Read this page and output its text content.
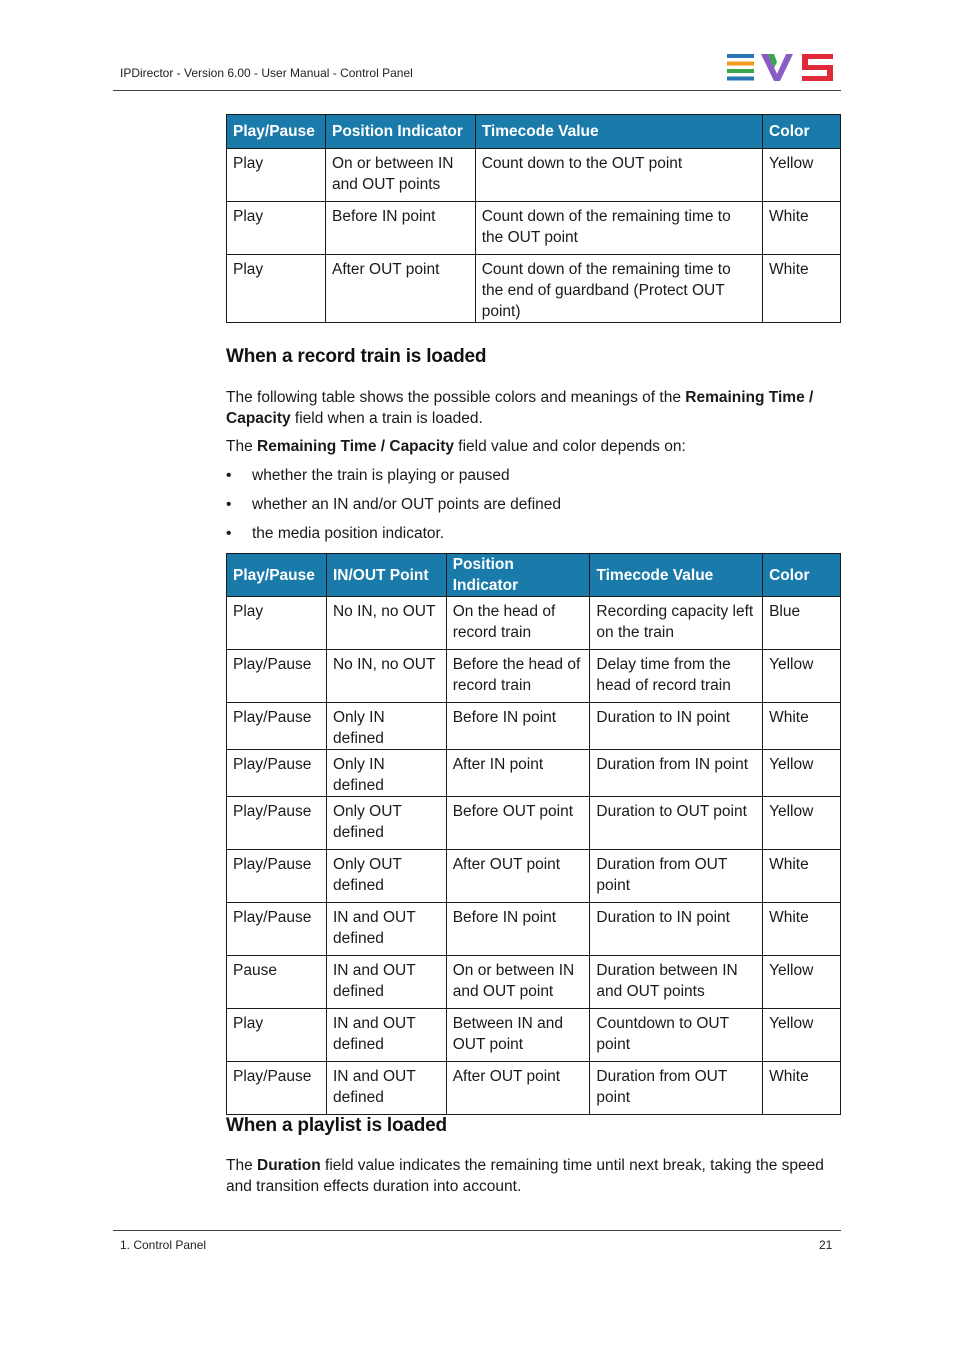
IPDirector - Version 6.00 - User Manual - Control Panel
Play/Pause	Position Indicator	Timecode Value	Color
Play	On or between IN and OUT points	Count down to the OUT point	Yellow
Play	Before IN point	Count down of the remaining time to the OUT point	White
Play	After OUT point	Count down of the remaining time to the end of guardband (Protect OUT point)	White
When a record train is loaded
The following table shows the possible colors and meanings of the Remaining Time / Capacity field when a train is loaded.
The Remaining Time / Capacity field value and color depends on:
• whether the train is playing or paused
• whether an IN and/or OUT points are defined
• the media position indicator.
Play/Pause	IN/OUT Point	Position Indicator	Timecode Value	Color
Play	No IN, no OUT	On the head of record train	Recording capacity left on the train	Blue
Play/Pause	No IN, no OUT	Before the head of record train	Delay time from the head of record train	Yellow
Play/Pause	Only IN defined	Before IN point	Duration to IN point	White
Play/Pause	Only IN defined	After IN point	Duration from IN point	Yellow
Play/Pause	Only OUT defined	Before OUT point	Duration to OUT point	Yellow
Play/Pause	Only OUT defined	After OUT point	Duration from OUT point	White
Play/Pause	IN and OUT defined	Before IN point	Duration to IN point	White
Pause	IN and OUT defined	On or between IN and OUT point	Duration between IN and OUT points	Yellow
Play	IN and OUT defined	Between IN and OUT point	Countdown to OUT point	Yellow
Play/Pause	IN and OUT defined	After OUT point	Duration from OUT point	White
When a playlist is loaded
The Duration field value indicates the remaining time until next break, taking the speed and transition effects duration into account.
1. Control Panel	21
